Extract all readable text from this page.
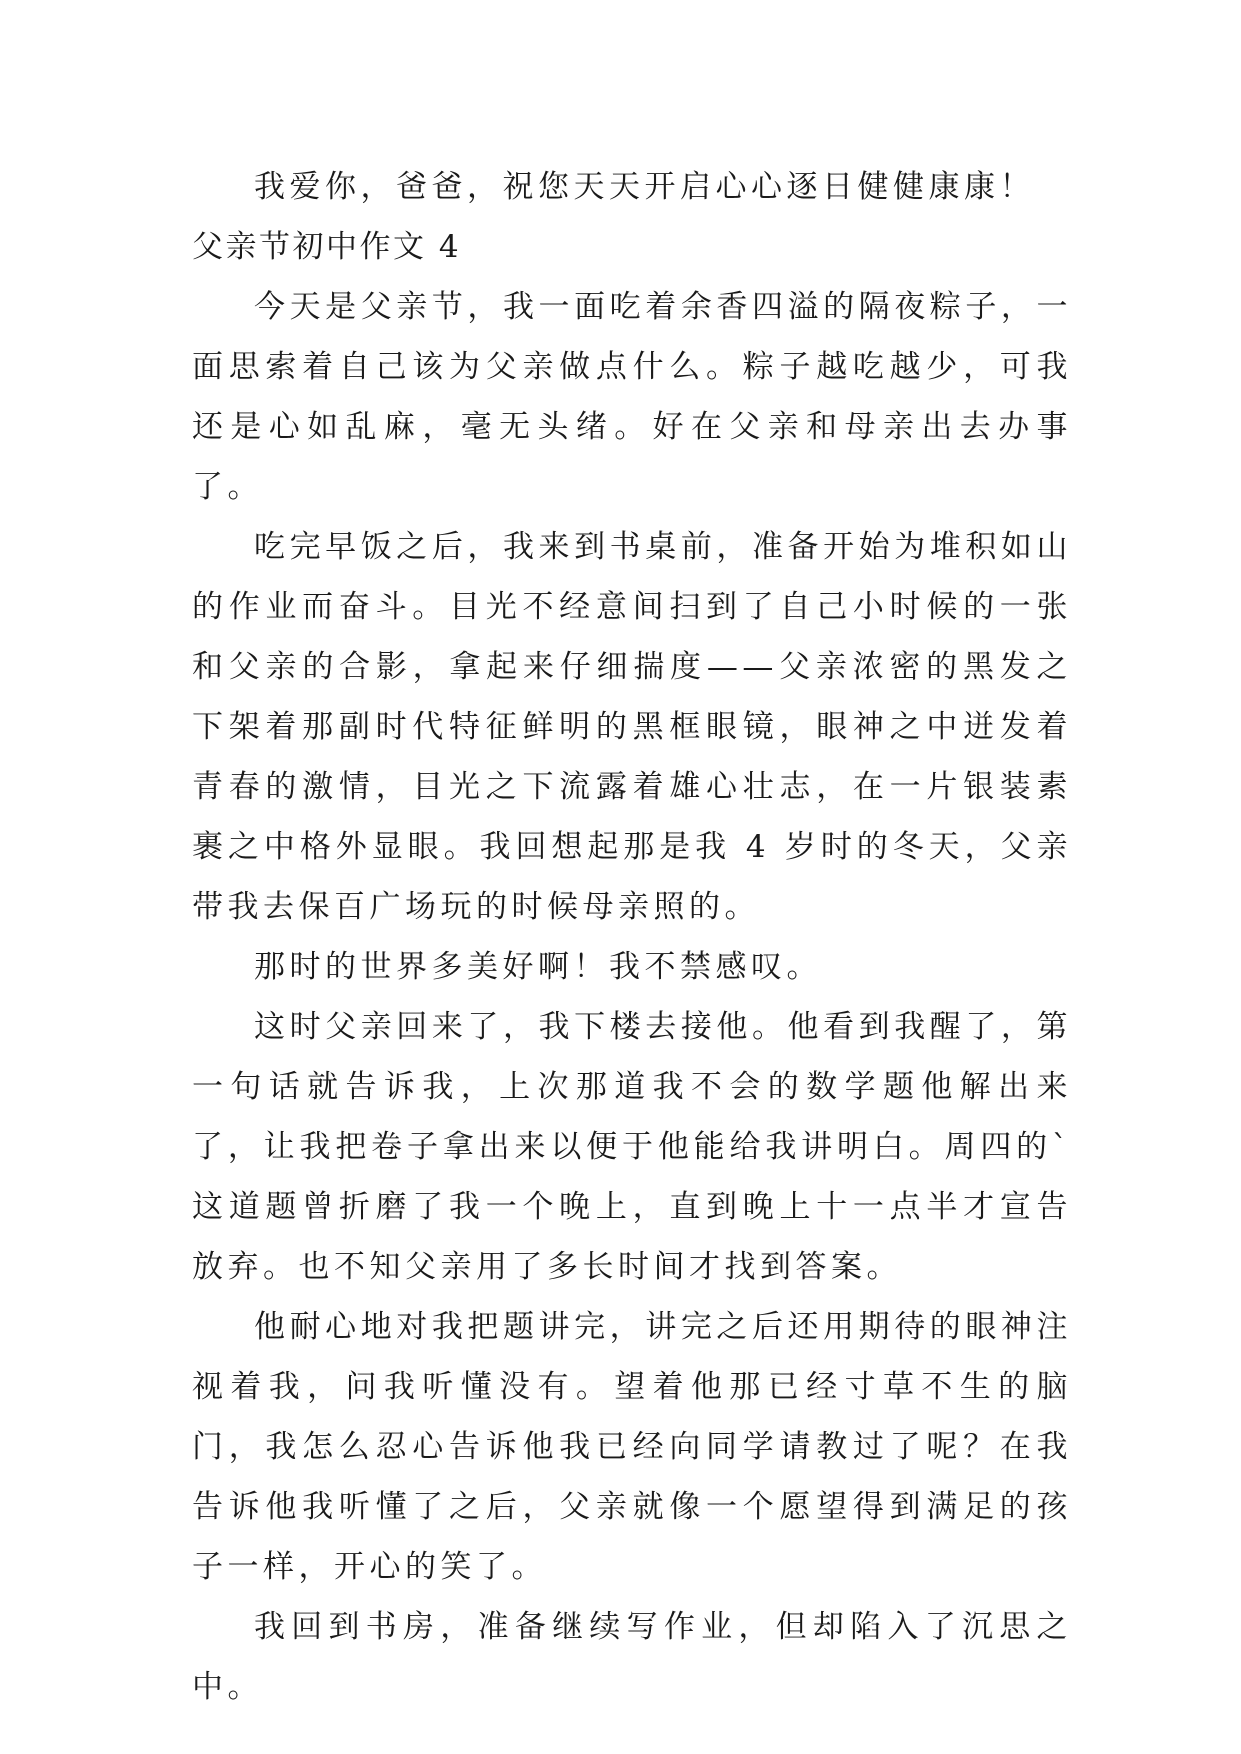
我爱你，爸爸，祝您天天开启心心逐日健健康康！

父亲节初中作文 4

今天是父亲节，我一面吃着余香四溢的隔夜粽子，一面思索着自己该为父亲做点什么。粽子越吃越少，可我还是心如乱麻，毫无头绪。好在父亲和母亲出去办事了。

吃完早饭之后，我来到书桌前，准备开始为堆积如山的作业而奋斗。目光不经意间扫到了自己小时候的一张和父亲的合影，拿起来仔细揣度——父亲浓密的黑发之下架着那副时代特征鲜明的黑框眼镜，眼神之中迸发着青春的激情，目光之下流露着雄心壮志，在一片银装素裹之中格外显眼。我回想起那是我 4 岁时的冬天，父亲带我去保百广场玩的时候母亲照的。

那时的世界多美好啊！我不禁感叹。

这时父亲回来了，我下楼去接他。他看到我醒了，第一句话就告诉我，上次那道我不会的数学题他解出来了，让我把卷子拿出来以便于他能给我讲明白。周四的`这道题曾折磨了我一个晚上，直到晚上十一点半才宣告放弃。也不知父亲用了多长时间才找到答案。

他耐心地对我把题讲完，讲完之后还用期待的眼神注视着我，问我听懂没有。望着他那已经寸草不生的脑门，我怎么忍心告诉他我已经向同学请教过了呢？在我告诉他我听懂了之后，父亲就像一个愿望得到满足的孩子一样，开心的笑了。

我回到书房，准备继续写作业，但却陷入了沉思之中。
